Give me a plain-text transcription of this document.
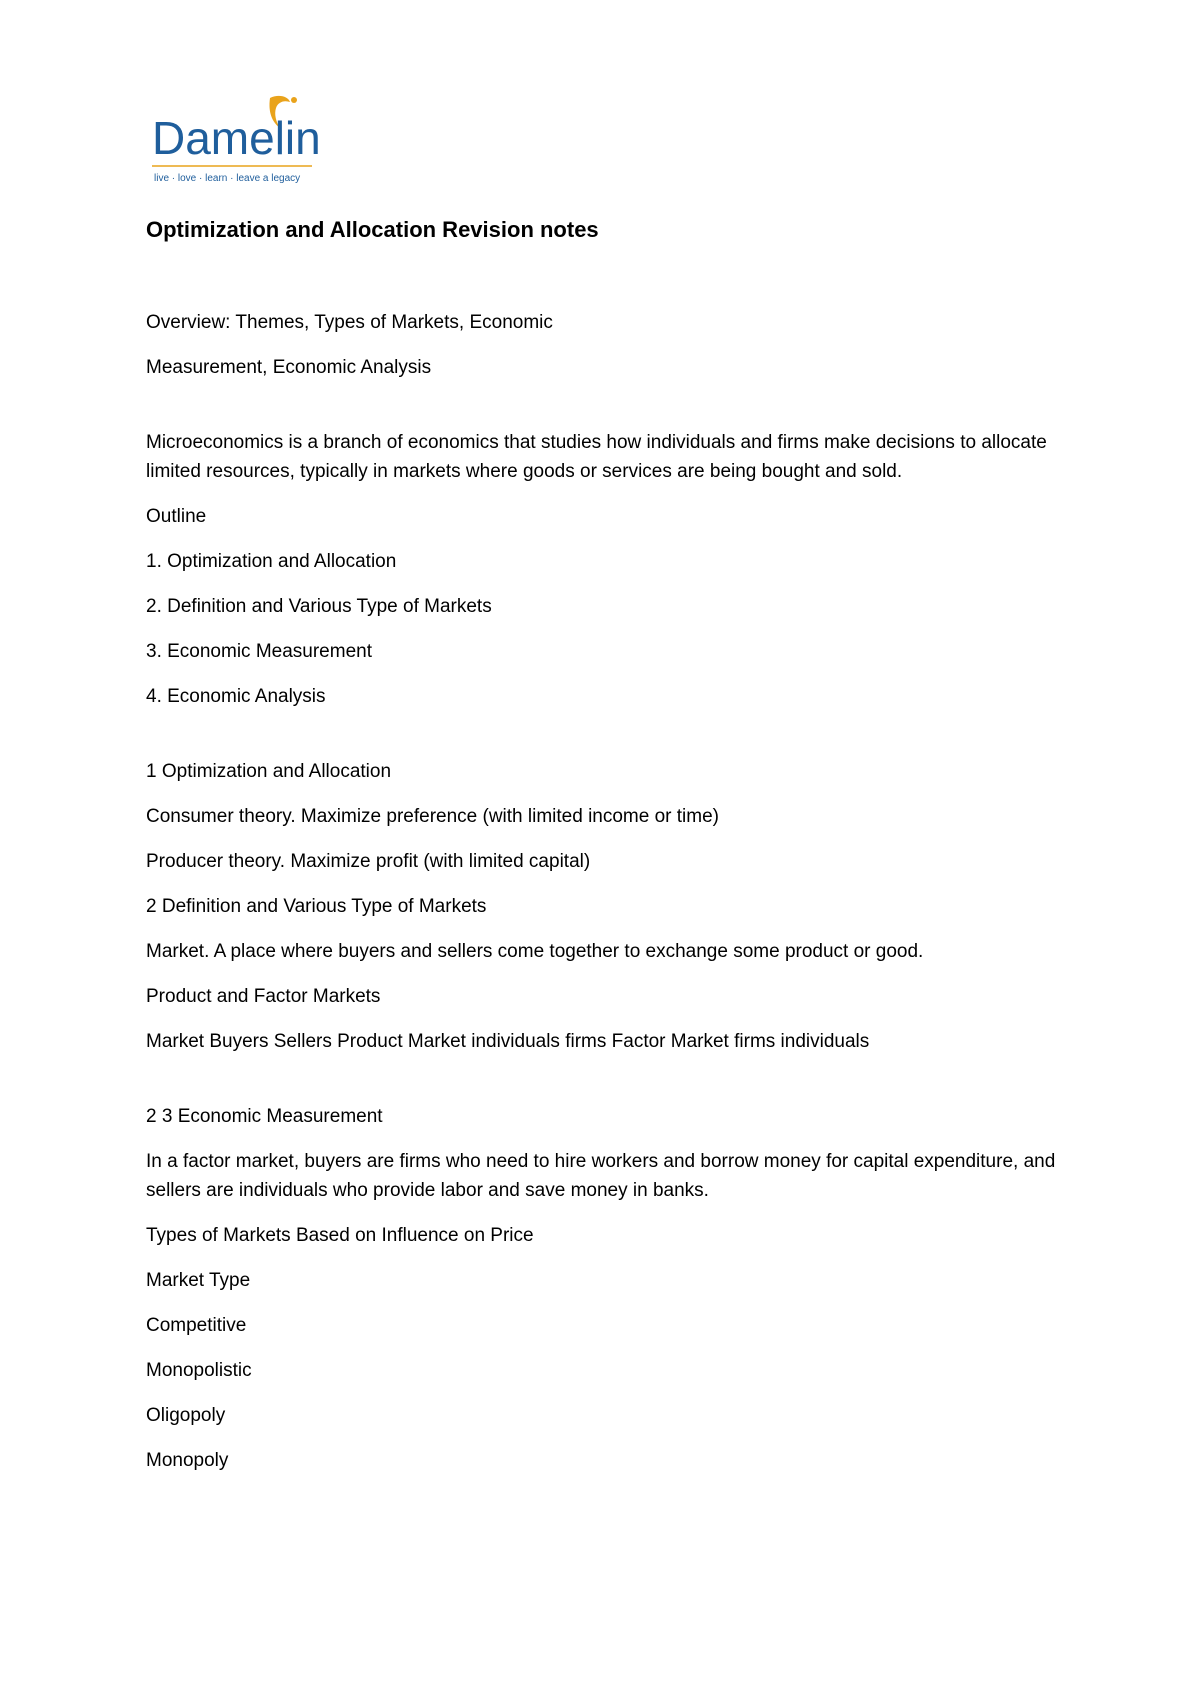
Damelin
live · love · learn · leave a legacy
Optimization and Allocation Revision notes
Overview: Themes, Types of Markets, Economic
Measurement, Economic Analysis
Microeconomics is a branch of economics that studies how individuals and firms make decisions to allocate limited resources, typically in markets where goods or services are being bought and sold.
Outline
1. Optimization and Allocation
2. Definition and Various Type of Markets
3. Economic Measurement
4. Economic Analysis
1 Optimization and Allocation
Consumer theory. Maximize preference (with limited income or time)
Producer theory. Maximize profit (with limited capital)
2 Definition and Various Type of Markets
Market. A place where buyers and sellers come together to exchange some product or good.
Product and Factor Markets
Market Buyers Sellers Product Market individuals firms Factor Market firms individuals
2 3 Economic Measurement
In a factor market, buyers are firms who need to hire workers and borrow money for capital expenditure, and sellers are individuals who provide labor and save money in banks.
Types of Markets Based on Influence on Price
Market Type
Competitive
Monopolistic
Oligopoly
Monopoly
